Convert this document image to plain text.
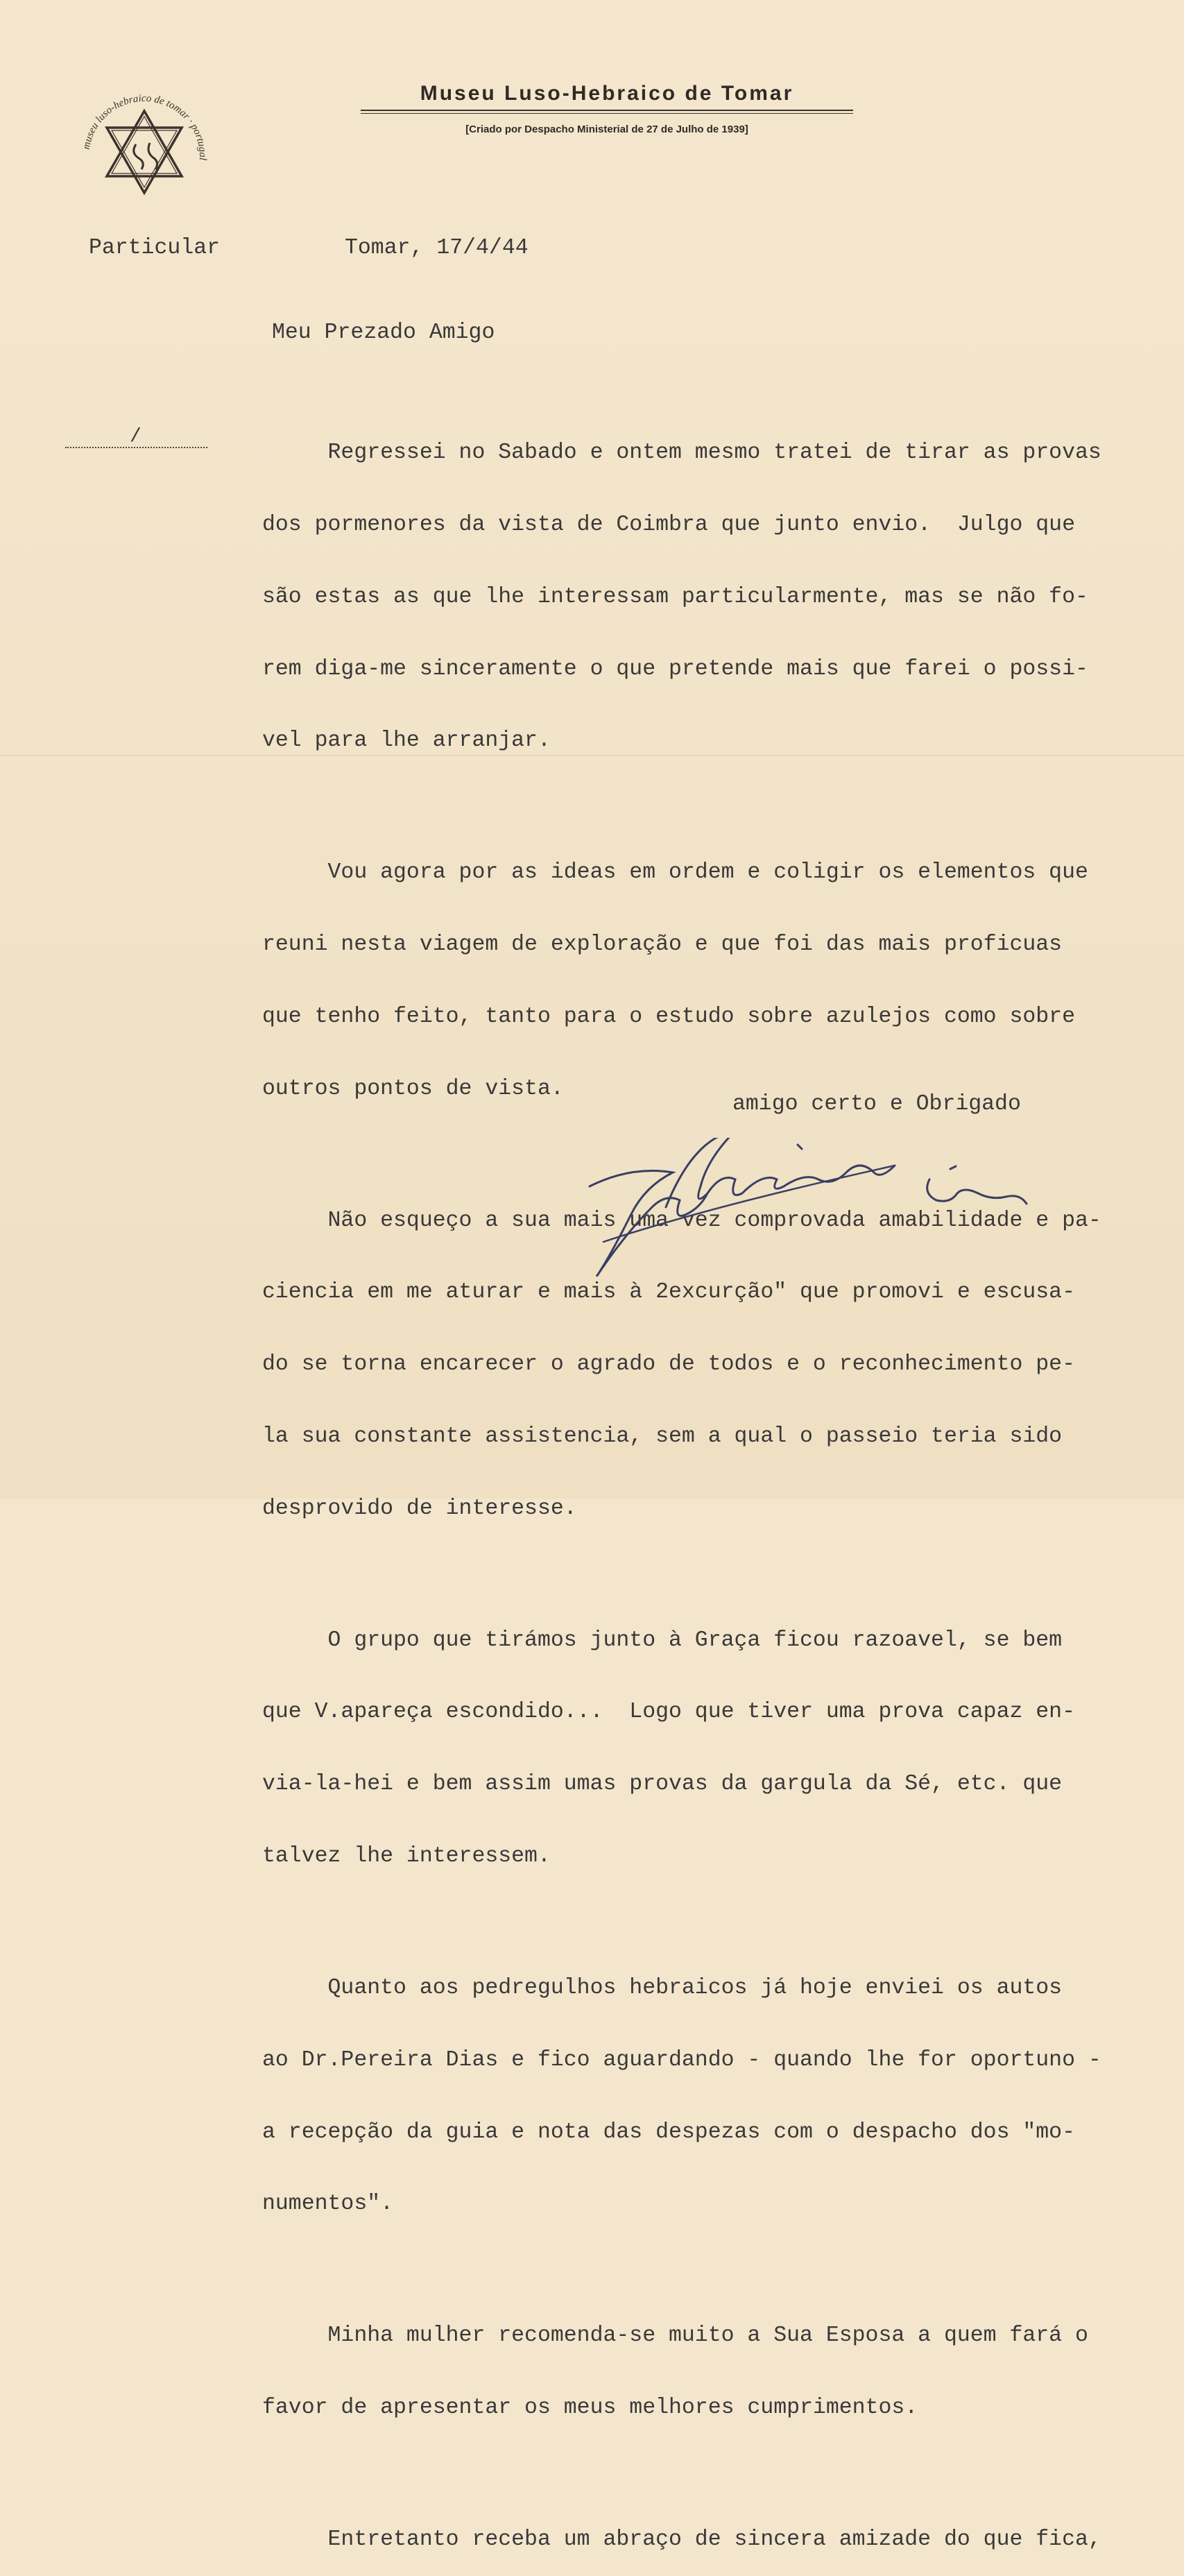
museu luso-hebraico de tomar · portugal
Museu Luso-Hebraico de Tomar
[Criado por Despacho Ministerial de 27 de Julho de 1939]
Particular	Tomar, 17/4/44
/
Meu Prezado Amigo

Regressei no Sabado e ontem mesmo tratei de tirar as provas

dos pormenores da vista de Coimbra que junto envio.  Julgo que

são estas as que lhe interessam particularmente, mas se não fo-

rem diga-me sinceramente o que pretende mais que farei o possi-

vel para lhe arranjar.

Vou agora por as ideas em ordem e coligir os elementos que

reuni nesta viagem de exploração e que foi das mais proficuas

que tenho feito, tanto para o estudo sobre azulejos como sobre

outros pontos de vista.

Não esqueço a sua mais uma vez comprovada amabilidade e pa-

ciencia em me aturar e mais à 2excurção" que promovi e escusa-

do se torna encarecer o agrado de todos e o reconhecimento pe-

la sua constante assistencia, sem a qual o passeio teria sido

desprovido de interesse.

O grupo que tirámos junto à Graça ficou razoavel, se bem

que V.apareça escondido...  Logo que tiver uma prova capaz en-

via-la-hei e bem assim umas provas da gargula da Sé, etc. que

talvez lhe interessem.

Quanto aos pedregulhos hebraicos já hoje enviei os autos

ao Dr.Pereira Dias e fico aguardando - quando lhe for oportuno -

a recepção da guia e nota das despezas com o despacho dos "mo-

numentos".

Minha mulher recomenda-se muito a Sua Esposa a quem fará o

favor de apresentar os meus melhores cumprimentos.

Entretanto receba um abraço de sincera amizade do que fica,

amigo certo e Obrigado
